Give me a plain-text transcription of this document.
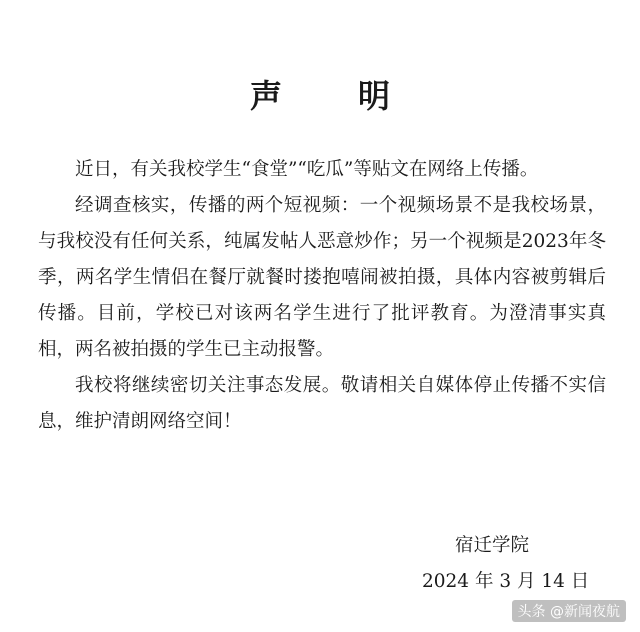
声　明

近日，有关我校学生“食堂”“吃瓜”等贴文在网络上传播。

经调查核实，传播的两个短视频：一个视频场景不是我校场景，与我校没有任何关系，纯属发帖人恶意炒作；另一个视频是2023年冬季，两名学生情侣在餐厅就餐时搂抱嘻闹被拍摄，具体内容被剪辑后传播。目前，学校已对该两名学生进行了批评教育。为澄清事实真相，两名被拍摄的学生已主动报警。

我校将继续密切关注事态发展。敬请相关自媒体停止传播不实信息，维护清朗网络空间！

宿迁学院
2024 年 3 月 14 日
头条 @新闻夜航
